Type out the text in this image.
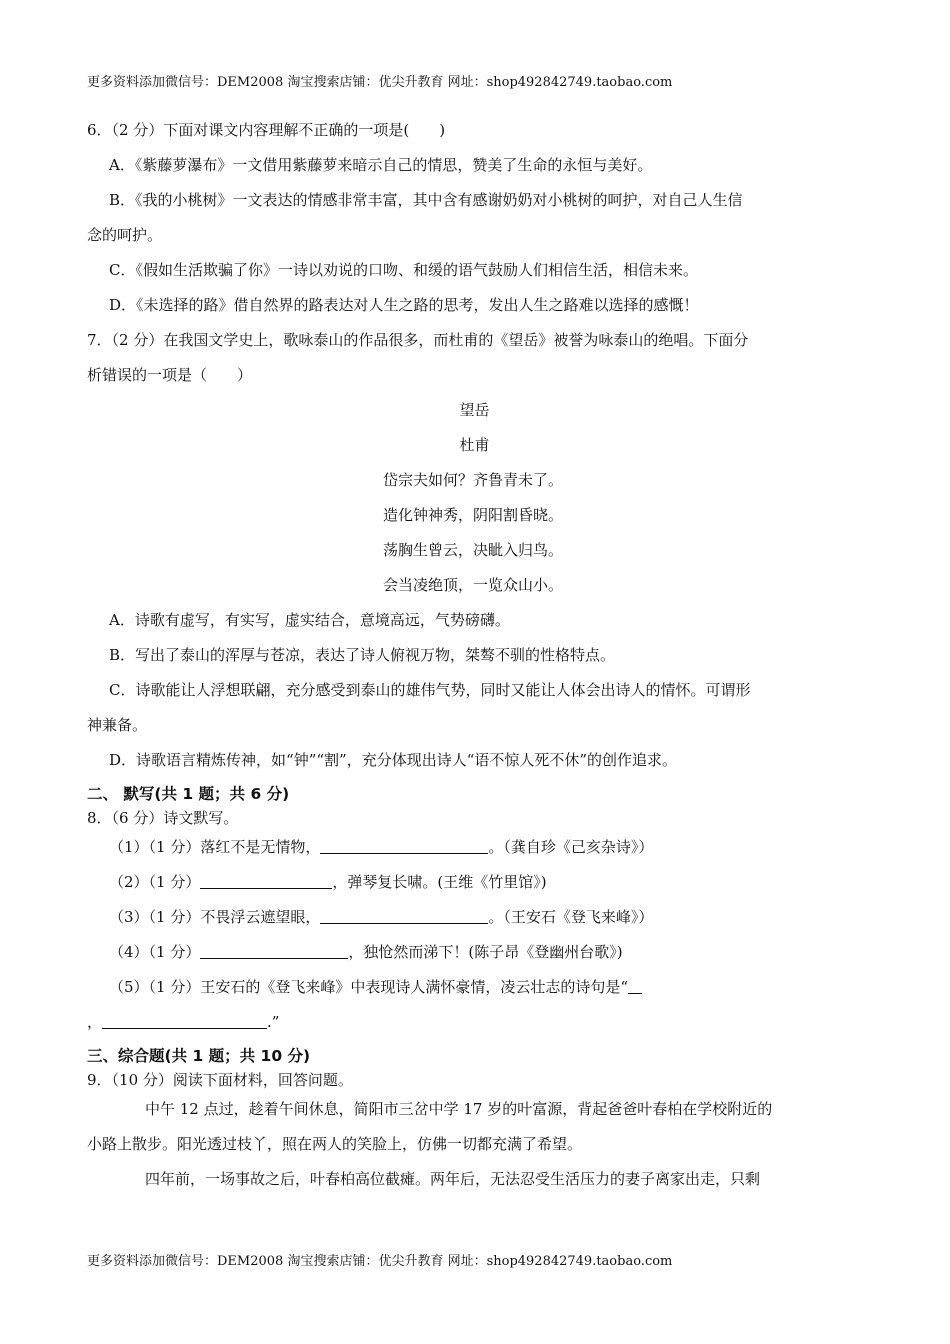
更多资料添加微信号：DEM2008 淘宝搜索店铺：优尖升教育 网址：shop492842749.taobao.com

6．（2 分）下面对课文内容理解不正确的一项是(　　)

A．《紫藤萝瀑布》一文借用紫藤萝来暗示自己的情思，赞美了生命的永恒与美好。

B．《我的小桃树》一文表达的情感非常丰富，其中含有感谢奶奶对小桃树的呵护，对自己人生信

念的呵护。

C．《假如生活欺骗了你》一诗以劝说的口吻、和缓的语气鼓励人们相信生活，相信未来。

D．《未选择的路》借自然界的路表达对人生之路的思考，发出人生之路难以选择的感慨！

7．（2 分）在我国文学史上，歌咏泰山的作品很多，而杜甫的《望岳》被誉为咏泰山的绝唱。下面分

析错误的一项是（　　）

望岳

杜甫

岱宗夫如何？齐鲁青未了。

造化钟神秀，阴阳割昏晓。

荡胸生曾云，决眦入归鸟。

会当凌绝顶，一览众山小。

A．诗歌有虚写，有实写，虚实结合，意境高远，气势磅礴。

B．写出了泰山的浑厚与苍凉，表达了诗人俯视万物，桀骜不驯的性格特点。

C．诗歌能让人浮想联翩，充分感受到泰山的雄伟气势，同时又能让人体会出诗人的情怀。可谓形

神兼备。

D．诗歌语言精炼传神，如“钟”“割”，充分体现出诗人“语不惊人死不休”的创作追求。

二、 默写(共 1 题；共 6 分)

8．（6 分）诗文默写。

（1）（1 分）落红不是无情物，	。（龚自珍《己亥杂诗》）

（2）（1 分）	，弹琴复长啸。(王维《竹里馆》)

（3）（1 分）不畏浮云遮望眼，	。（王安石《登飞来峰》）

（4）（1 分）	，独怆然而涕下！(陈子昂《登幽州台歌》)

（5）（1 分）王安石的《登飞来峰》中表现诗人满怀豪情，凌云壮志的诗句是“

，	.”

三、综合题(共 1 题；共 10 分)

9．（10 分）阅读下面材料，回答问题。

中午 12 点过，趁着午间休息，简阳市三岔中学 17 岁的叶富源，背起爸爸叶春柏在学校附近的

小路上散步。阳光透过枝丫，照在两人的笑脸上，仿佛一切都充满了希望。

四年前，一场事故之后，叶春柏高位截瘫。两年后，无法忍受生活压力的妻子离家出走，只剩

更多资料添加微信号：DEM2008 淘宝搜索店铺：优尖升教育 网址：shop492842749.taobao.com
